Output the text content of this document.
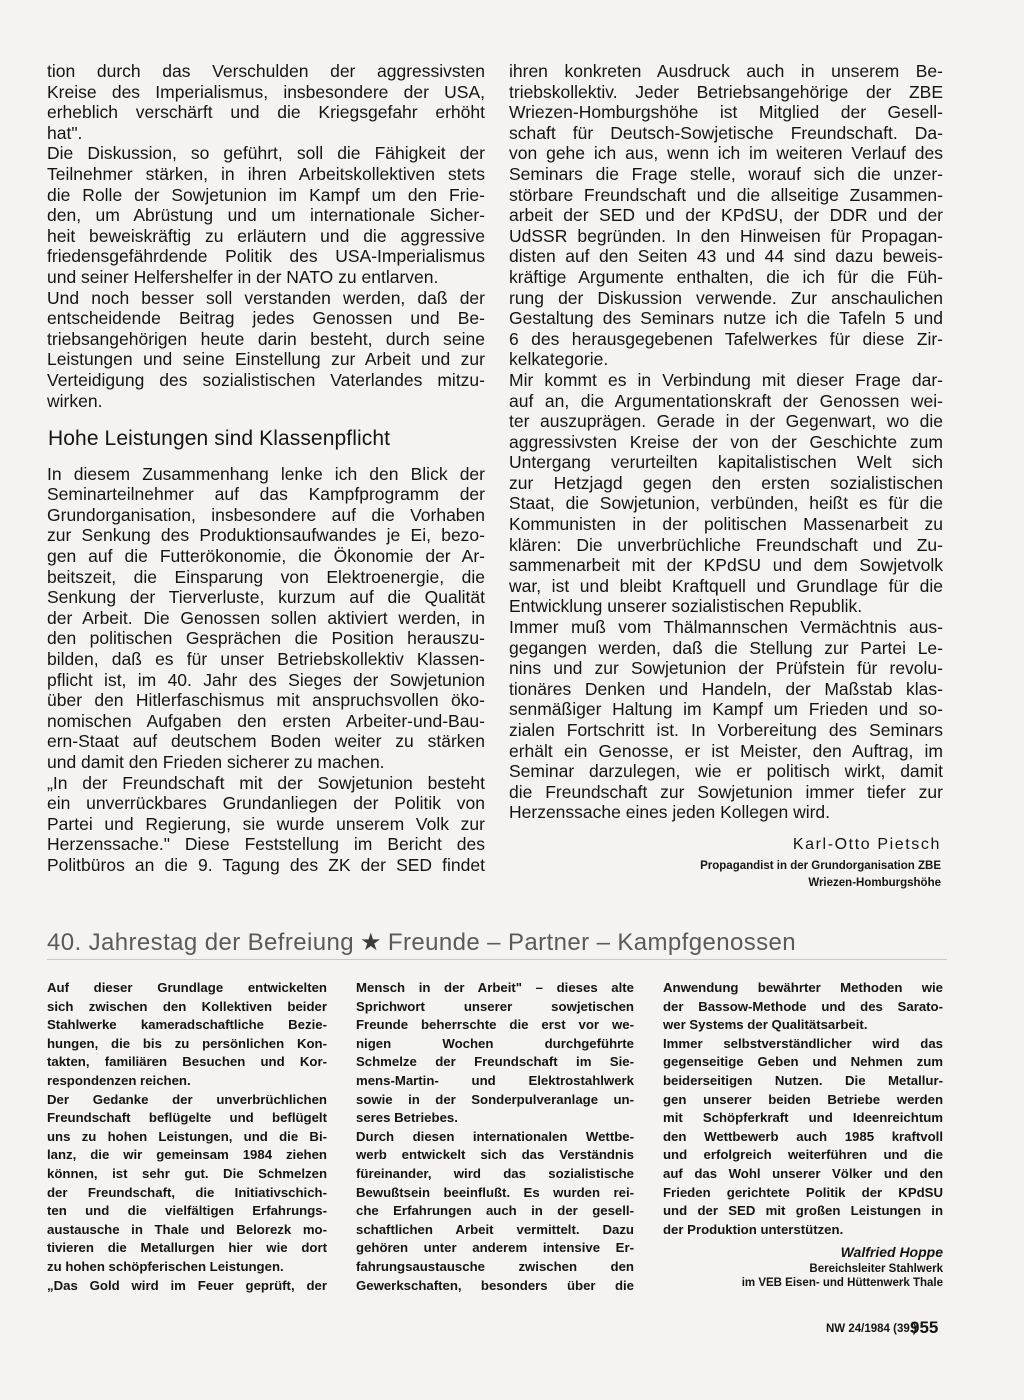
tion durch das Verschulden der aggressivsten
Kreise des Imperialismus, insbesondere der USA,
erheblich verschärft und die Kriegsgefahr erhöht
hat".
Die Diskussion, so geführt, soll die Fähigkeit der
Teilnehmer stärken, in ihren Arbeitskollektiven stets
die Rolle der Sowjetunion im Kampf um den Frie-
den, um Abrüstung und um internationale Sicher-
heit beweiskräftig zu erläutern und die aggressive
friedensgefährdende Politik des USA-Imperialismus
und seiner Helfershelfer in der NATO zu entlarven.
Und noch besser soll verstanden werden, daß der
entscheidende Beitrag jedes Genossen und Be-
triebsangehörigen heute darin besteht, durch seine
Leistungen und seine Einstellung zur Arbeit und zur
Verteidigung des sozialistischen Vaterlandes mitzu-
wirken.
Hohe Leistungen sind Klassenpflicht
In diesem Zusammenhang lenke ich den Blick der
Seminarteilnehmer auf das Kampfprogramm der
Grundorganisation, insbesondere auf die Vorhaben
zur Senkung des Produktionsaufwandes je Ei, bezo-
gen auf die Futterökonomie, die Ökonomie der Ar-
beitszeit, die Einsparung von Elektroenergie, die
Senkung der Tierverluste, kurzum auf die Qualität
der Arbeit. Die Genossen sollen aktiviert werden, in
den politischen Gesprächen die Position herauszu-
bilden, daß es für unser Betriebskollektiv Klassen-
pflicht ist, im 40. Jahr des Sieges der Sowjetunion
über den Hitlerfaschismus mit anspruchsvollen öko-
nomischen Aufgaben den ersten Arbeiter-und-Bau-
ern-Staat auf deutschem Boden weiter zu stärken
und damit den Frieden sicherer zu machen.
„In der Freundschaft mit der Sowjetunion besteht
ein unverrückbares Grundanliegen der Politik von
Partei und Regierung, sie wurde unserem Volk zur
Herzenssache." Diese Feststellung im Bericht des
Politbüros an die 9. Tagung des ZK der SED findet
ihren konkreten Ausdruck auch in unserem Be-
triebskollektiv. Jeder Betriebsangehörige der ZBE
Wriezen-Homburgshöhe ist Mitglied der Gesell-
schaft für Deutsch-Sowjetische Freundschaft. Da-
von gehe ich aus, wenn ich im weiteren Verlauf des
Seminars die Frage stelle, worauf sich die unzer-
störbare Freundschaft und die allseitige Zusammen-
arbeit der SED und der KPdSU, der DDR und der
UdSSR begründen. In den Hinweisen für Propagan-
disten auf den Seiten 43 und 44 sind dazu beweis-
kräftige Argumente enthalten, die ich für die Füh-
rung der Diskussion verwende. Zur anschaulichen
Gestaltung des Seminars nutze ich die Tafeln 5 und
6 des herausgegebenen Tafelwerkes für diese Zir-
kelkategorie.
Mir kommt es in Verbindung mit dieser Frage dar-
auf an, die Argumentationskraft der Genossen wei-
ter auszuprägen. Gerade in der Gegenwart, wo die
aggressivsten Kreise der von der Geschichte zum
Untergang verurteilten kapitalistischen Welt sich
zur Hetzjagd gegen den ersten sozialistischen
Staat, die Sowjetunion, verbünden, heißt es für die
Kommunisten in der politischen Massenarbeit zu
klären: Die unverbrüchliche Freundschaft und Zu-
sammenarbeit mit der KPdSU und dem Sowjetvolk
war, ist und bleibt Kraftquell und Grundlage für die
Entwicklung unserer sozialistischen Republik.
Immer muß vom Thälmannschen Vermächtnis aus-
gegangen werden, daß die Stellung zur Partei Le-
nins und zur Sowjetunion der Prüfstein für revolu-
tionäres Denken und Handeln, der Maßstab klas-
senmäßiger Haltung im Kampf um Frieden und so-
zialen Fortschritt ist. In Vorbereitung des Seminars
erhält ein Genosse, er ist Meister, den Auftrag, im
Seminar darzulegen, wie er politisch wirkt, damit
die Freundschaft zur Sowjetunion immer tiefer zur
Herzenssache eines jeden Kollegen wird.
Karl-Otto Pietsch
Propagandist in der Grundorganisation ZBE
Wriezen-Homburgshöhe
40. Jahrestag der Befreiung ★ Freunde – Partner – Kampfgenossen
Auf dieser Grundlage entwickelten
sich zwischen den Kollektiven beider
Stahlwerke kameradschaftliche Bezie-
hungen, die bis zu persönlichen Kon-
takten, familiären Besuchen und Kor-
respondenzen reichen.
Der Gedanke der unverbrüchlichen
Freundschaft beflügelte und beflügelt
uns zu hohen Leistungen, und die Bi-
lanz, die wir gemeinsam 1984 ziehen
können, ist sehr gut. Die Schmelzen
der Freundschaft, die Initiativschich-
ten und die vielfältigen Erfahrungs-
austausche in Thale und Belorezk mo-
tivieren die Metallurgen hier wie dort
zu hohen schöpferischen Leistungen.
„Das Gold wird im Feuer geprüft, der
Mensch in der Arbeit" – dieses alte
Sprichwort unserer sowjetischen
Freunde beherrschte die erst vor we-
nigen Wochen durchgeführte
Schmelze der Freundschaft im Sie-
mens-Martin- und Elektrostahlwerk
sowie in der Sonderpulveranlage un-
seres Betriebes.
Durch diesen internationalen Wettbe-
werb entwickelt sich das Verständnis
füreinander, wird das sozialistische
Bewußtsein beeinflußt. Es wurden rei-
che Erfahrungen auch in der gesell-
schaftlichen Arbeit vermittelt. Dazu
gehören unter anderem intensive Er-
fahrungsaustausche zwischen den
Gewerkschaften, besonders über die
Anwendung bewährter Methoden wie
der Bassow-Methode und des Sarato-
wer Systems der Qualitätsarbeit.
Immer selbstverständlicher wird das
gegenseitige Geben und Nehmen zum
beiderseitigen Nutzen. Die Metallur-
gen unserer beiden Betriebe werden
mit Schöpferkraft und Ideenreichtum
den Wettbewerb auch 1985 kraftvoll
und erfolgreich weiterführen und die
auf das Wohl unserer Völker und den
Frieden gerichtete Politik der KPdSU
und der SED mit großen Leistungen in
der Produktion unterstützen.
Walfried Hoppe
Bereichsleiter Stahlwerk
im VEB Eisen- und Hüttenwerk Thale
NW 24/1984 (39.)
955
